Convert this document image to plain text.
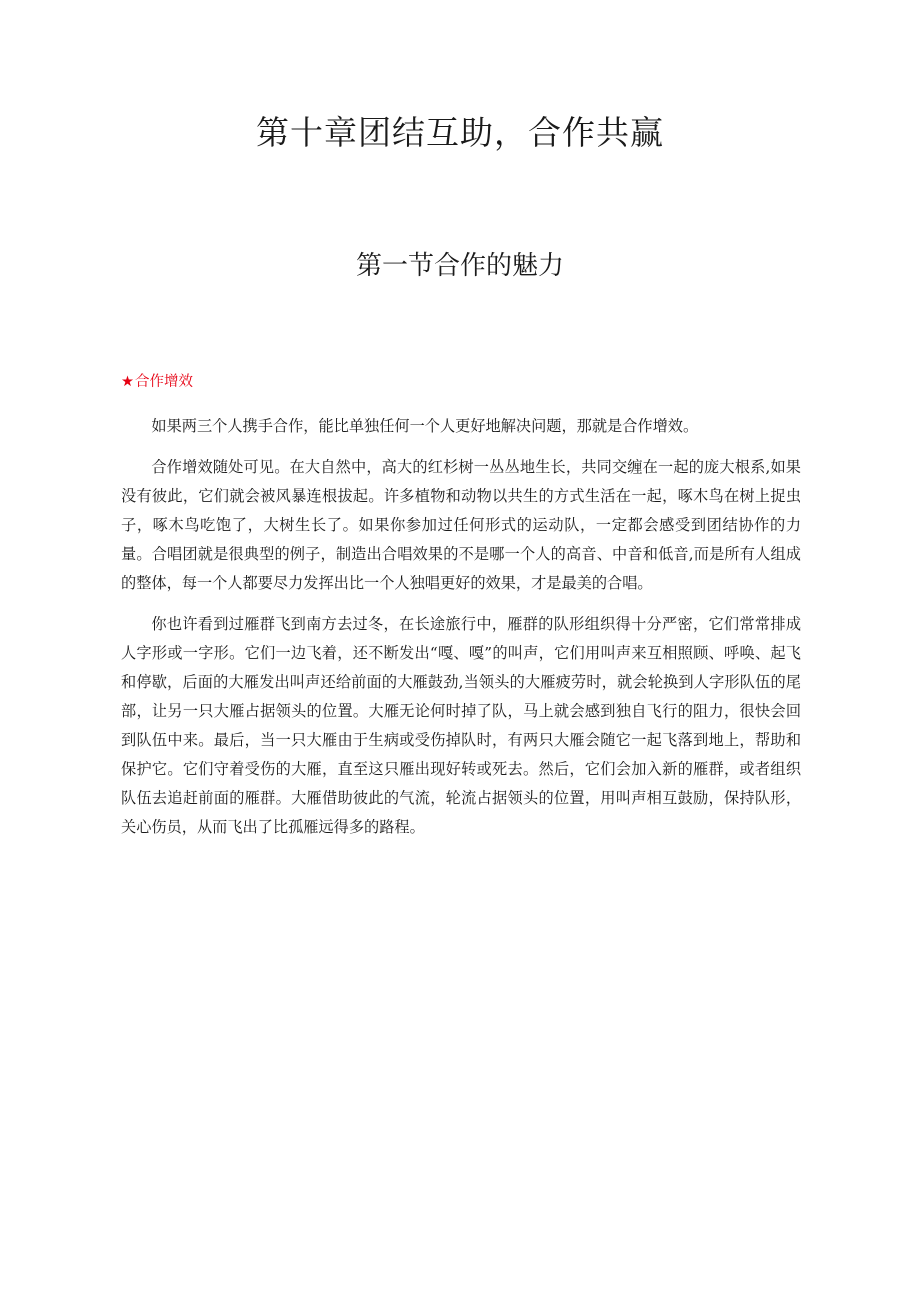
第十章团结互助，合作共赢
第一节合作的魅力
★合作增效

如果两三个人携手合作，能比单独任何一个人更好地解决问题，那就是合作增效。

合作增效随处可见。在大自然中，高大的红杉树一丛丛地生长，共同交缠在一起的庞大根系,如果没有彼此，它们就会被风暴连根拔起。许多植物和动物以共生的方式生活在一起，啄木鸟在树上捉虫子，啄木鸟吃饱了，大树生长了。如果你参加过任何形式的运动队，一定都会感受到团结协作的力量。合唱团就是很典型的例子，制造出合唱效果的不是哪一个人的高音、中音和低音,而是所有人组成的整体，每一个人都要尽力发挥出比一个人独唱更好的效果，才是最美的合唱。

你也许看到过雁群飞到南方去过冬，在长途旅行中，雁群的队形组织得十分严密，它们常常排成人字形或一字形。它们一边飞着，还不断发出“嘎、嘎”的叫声，它们用叫声来互相照顾、呼唤、起飞和停歇，后面的大雁发出叫声还给前面的大雁鼓劲,当领头的大雁疲劳时，就会轮换到人字形队伍的尾部，让另一只大雁占据领头的位置。大雁无论何时掉了队，马上就会感到独自飞行的阻力，很快会回到队伍中来。最后，当一只大雁由于生病或受伤掉队时，有两只大雁会随它一起飞落到地上，帮助和保护它。它们守着受伤的大雁，直至这只雁出现好转或死去。然后，它们会加入新的雁群，或者组织队伍去追赶前面的雁群。大雁借助彼此的气流，轮流占据领头的位置，用叫声相互鼓励，保持队形，关心伤员，从而飞出了比孤雁远得多的路程。
